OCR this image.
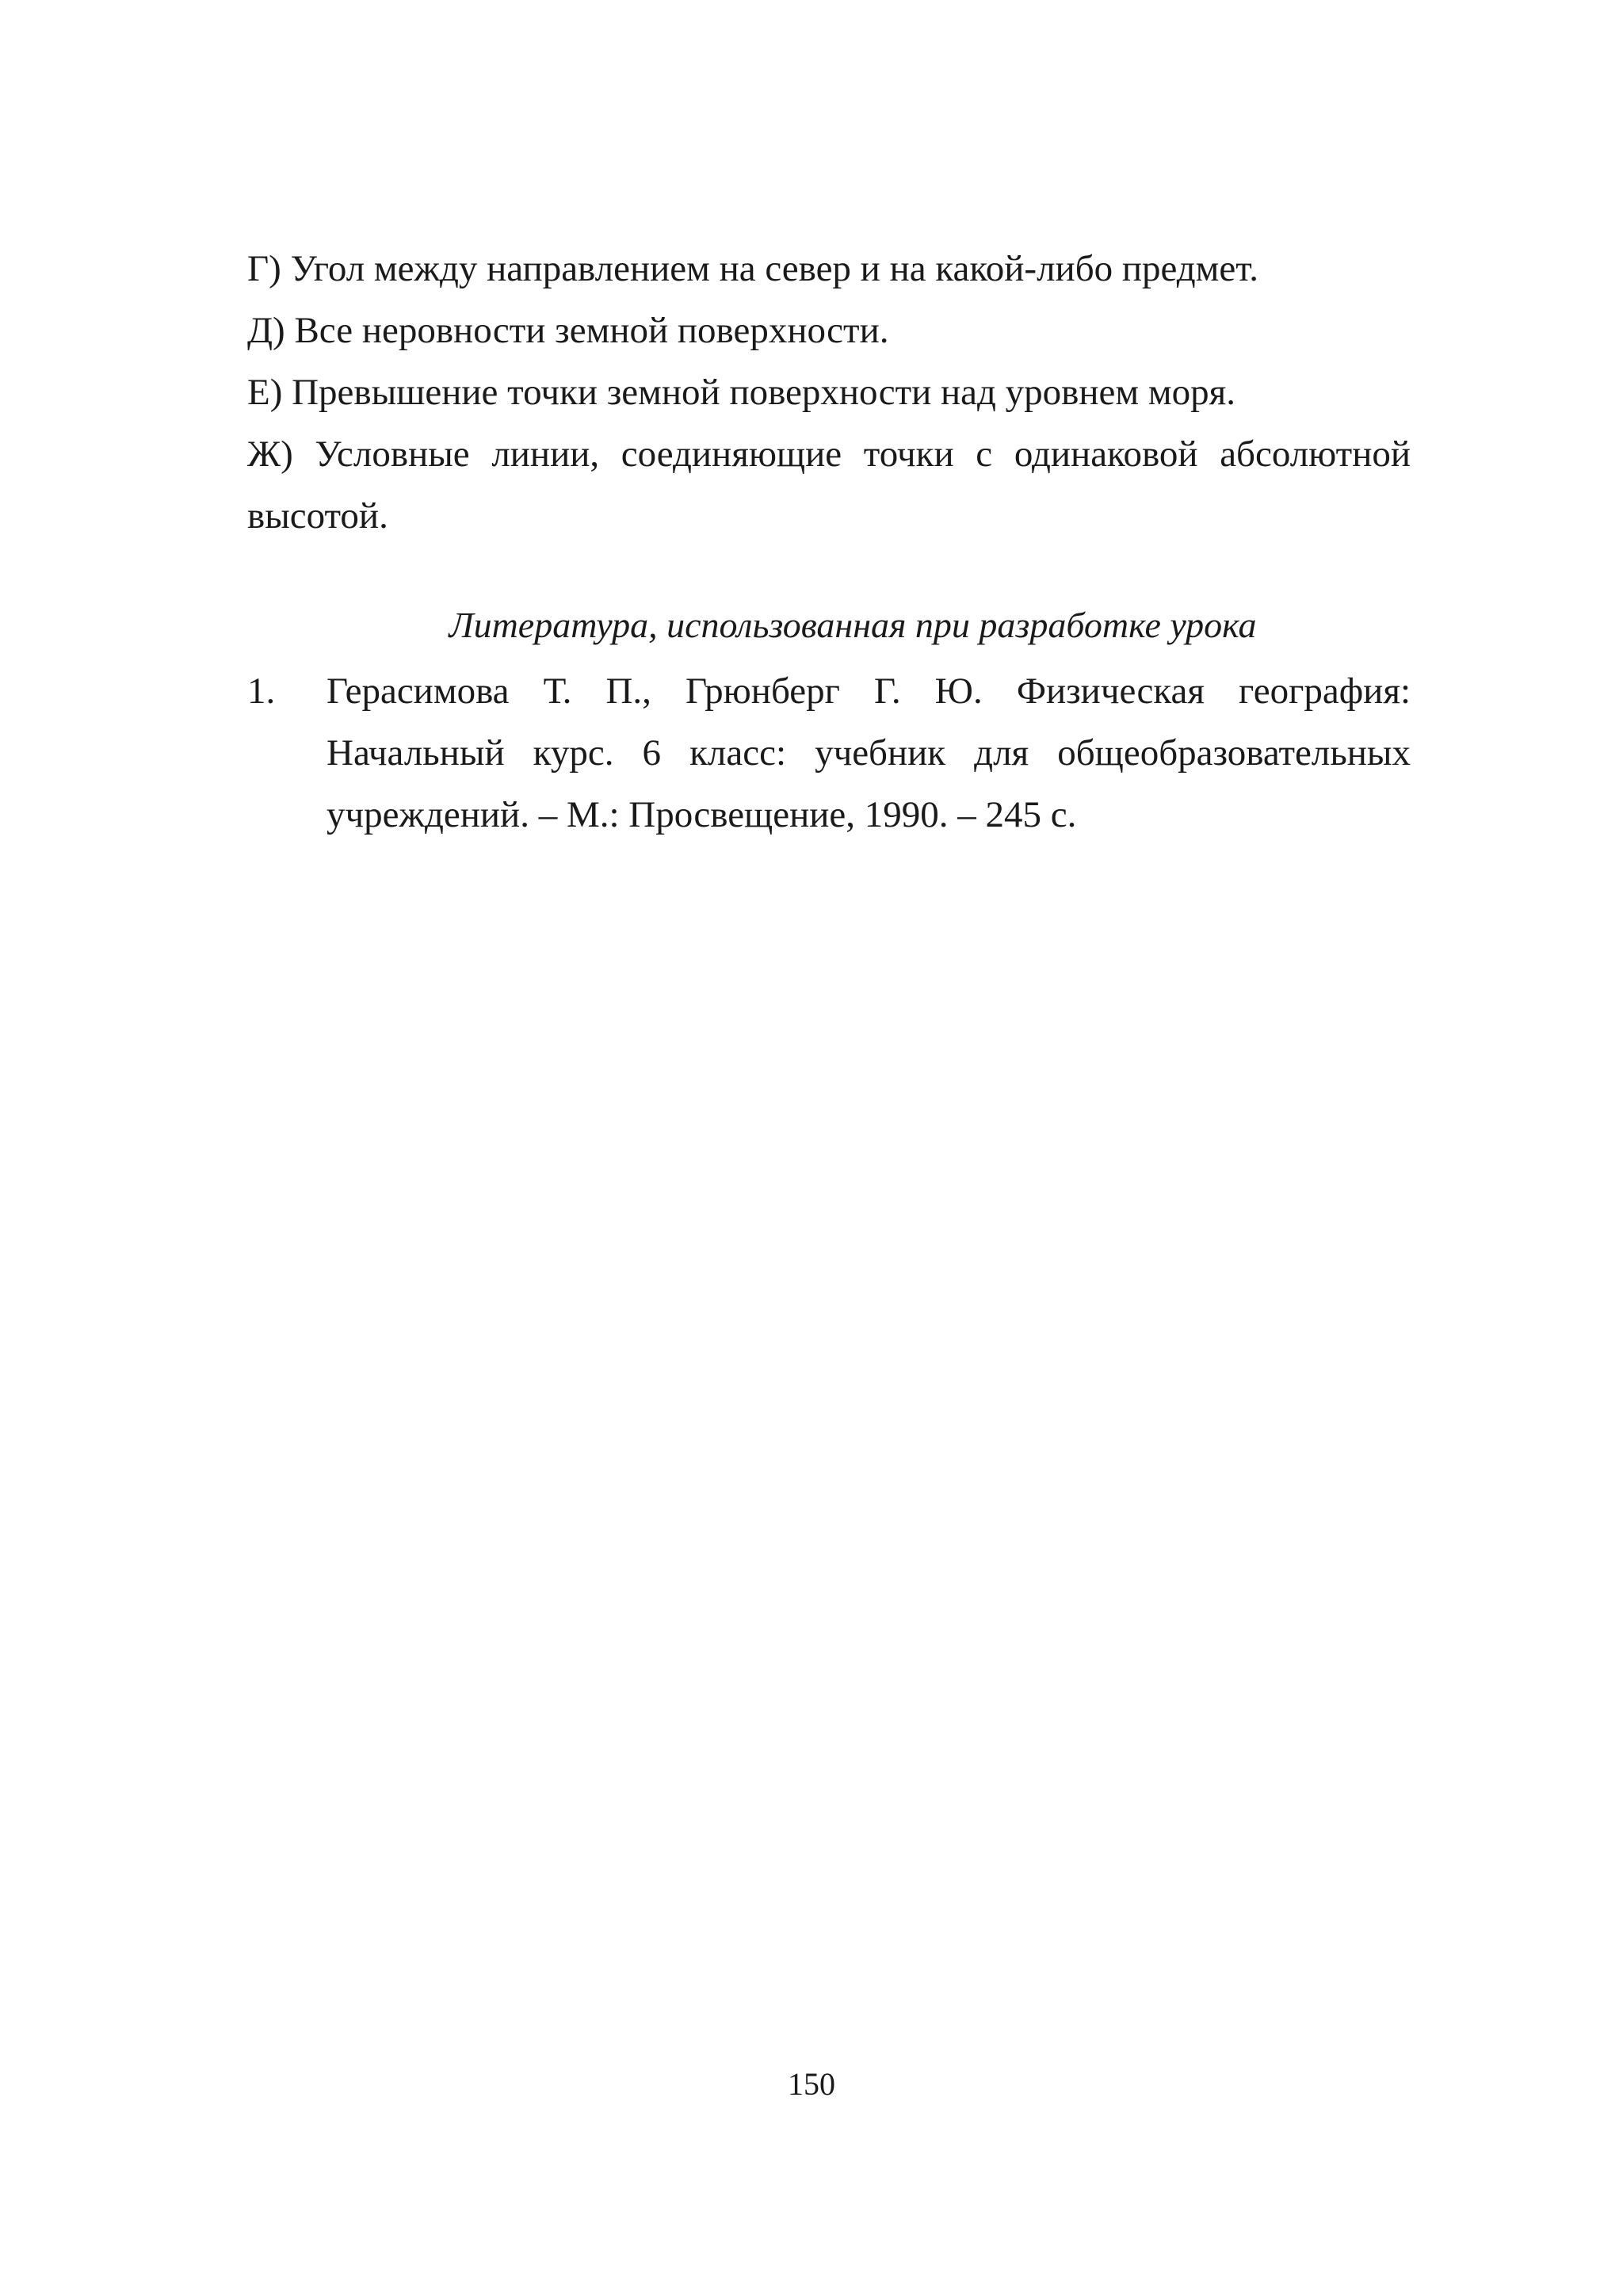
Г) Угол между направлением на север и на какой-либо предмет.
Д) Все неровности земной поверхности.
Е) Превышение точки земной поверхности над уровнем моря.
Ж) Условные линии, соединяющие точки с одинаковой абсолютной высотой.
Литература, использованная при разработке урока
1. Герасимова Т. П., Грюнберг Г. Ю. Физическая география: Начальный курс. 6 класс: учебник для общеобразовательных учреждений. – М.: Просвещение, 1990. – 245 с.
150
